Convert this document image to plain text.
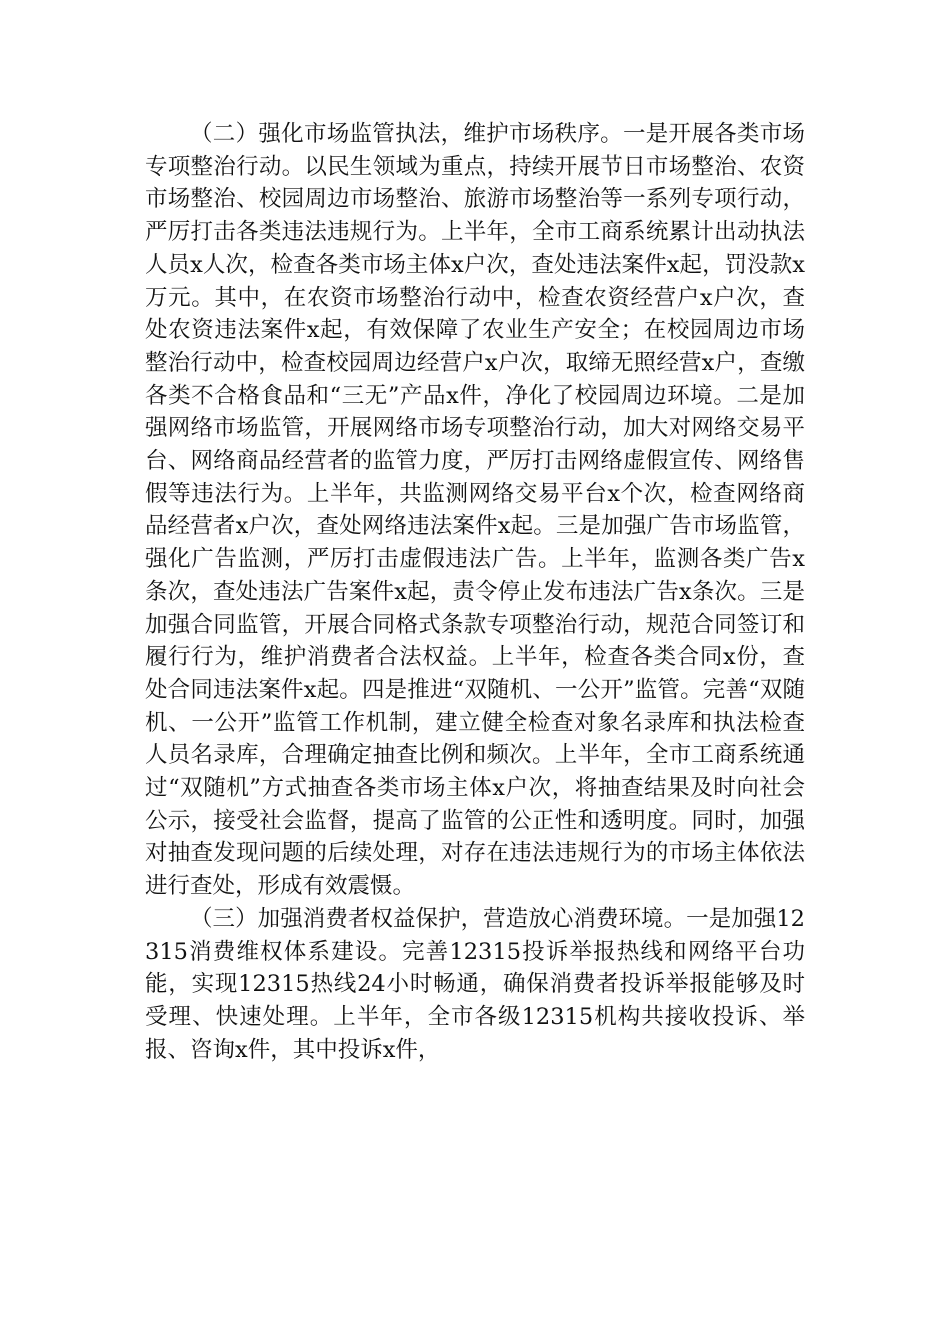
（二）强化市场监管执法，维护市场秩序。一是开展各类市场专项整治行动。以民生领域为重点，持续开展节日市场整治、农资市场整治、校园周边市场整治、旅游市场整治等一系列专项行动，严厉打击各类违法违规行为。上半年，全市工商系统累计出动执法人员x人次，检查各类市场主体x户次，查处违法案件x起，罚没款x万元。其中，在农资市场整治行动中，检查农资经营户x户次，查处农资违法案件x起，有效保障了农业生产安全；在校园周边市场整治行动中，检查校园周边经营户x户次，取缔无照经营x户，查缴各类不合格食品和“三无”产品x件，净化了校园周边环境。二是加强网络市场监管，开展网络市场专项整治行动，加大对网络交易平台、网络商品经营者的监管力度，严厉打击网络虚假宣传、网络售假等违法行为。上半年，共监测网络交易平台x个次，检查网络商品经营者x户次，查处网络违法案件x起。三是加强广告市场监管，强化广告监测，严厉打击虚假违法广告。上半年，监测各类广告x条次，查处违法广告案件x起，责令停止发布违法广告x条次。三是加强合同监管，开展合同格式条款专项整治行动，规范合同签订和履行行为，维护消费者合法权益。上半年，检查各类合同x份，查处合同违法案件x起。四是推进“双随机、一公开”监管。完善“双随机、一公开”监管工作机制，建立健全检查对象名录库和执法检查人员名录库，合理确定抽查比例和频次。上半年，全市工商系统通过“双随机”方式抽查各类市场主体x户次，将抽查结果及时向社会公示，接受社会监督，提高了监管的公正性和透明度。同时，加强对抽查发现问题的后续处理，对存在违法违规行为的市场主体依法进行查处，形成有效震慑。

（三）加强消费者权益保护，营造放心消费环境。一是加强12315消费维权体系建设。完善12315投诉举报热线和网络平台功能，实现12315热线24小时畅通，确保消费者投诉举报能够及时受理、快速处理。上半年，全市各级12315机构共接收投诉、举报、咨询x件，其中投诉x件，
